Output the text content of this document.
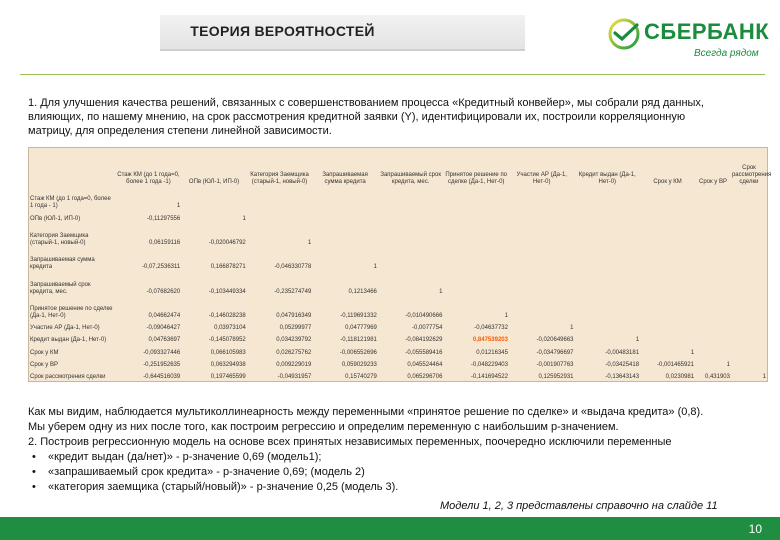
ТЕОРИЯ ВЕРОЯТНОСТЕЙ	СБЕРБАНК
Всегда рядом
1. Для улучшения качества решений, связанных с совершенствованием процесса «Кредитный конвейер», мы собрали ряд данных, влияющих, по нашему мнению, на срок рассмотрения кредитной заявки (Y), идентифицировали их, построили корреляционную матрицу, для определения степени линейной зависимости.
	Стаж КМ (до 1 года=0, более 1 года -1)	ОПв (ЮЛ-1, ИП-0)	Категория Заемщика (старый-1, новый-0)	Запрашиваемая сумма кредита	Запрашиваемый срок кредита, мес.	Принятое решение по сделке (Да-1, Нет-0)	Участие АР (Да-1, Нет-0)	Кредит выдан (Да-1, Нет-0)	Срок у КМ	Срок у ВР	Срок рассмотрения сделки
Стаж КМ (до 1 года=0, более 1 года - 1)	1										
ОПв (ЮЛ-1, ИП-0)	-0,11297556	1									
Категория Заемщика (старый-1, новый-0)	0,06159116	-0,020046792	1								
Запрашиваемая сумма кредита	-0,07,2536311	0,166878271	-0,046330778	1							
Запрашиваемый срок кредита, мес.	-0,07682620	-0,103449334	-0,235274749	0,1213466	1						
Принятое решение по сделке (Да-1, Нет-0)	0,04662474	-0,146028238	0,047916349	-0,119691332	-0,010490666	1					
Участие АР (Да-1, Нет-0)	-0,09046427	0,03973104	0,05299977	0,04777969	-0,0077754	-0,04637732	1				
Кредит выдан (Да-1, Нет-0)	0,04763697	-0,145078952	0,034239792	-0,118121981	-0,084192629	0,847539203	-0,020649663	1			
Срок у КМ	-0,093327446	0,066105983	0,026275762	-0,006552696	-0,055589416	0,01216345	-0,034796697	-0,00483181	1		
Срок у ВР	-0,251952635	0,063294938	0,009229019	0,059029233	0,045524464	-0,048229403	-0,001907763	-0,03425418	-0,001465921	1	
Срок рассмотрения сделки	-0,644516039	0,197465599	-0,04931957	0,15740279	0,065296706	-0,141694522	0,125952931	-0,13643143	0,0230981	0,431903	1

Как мы видим, наблюдается мультиколлинеарность между переменными «принятое решение по сделке» и «выдача кредита» (0,8).

Мы уберем одну из них после того, как построим регрессию и определим переменную с наибольшим p-значением.

2. Построив регрессионную модель на основе всех принятых независимых переменных, поочередно исключили переменные

• «кредит выдан (да/нет)» - p-значение 0,69 (модель1);

• «запрашиваемый срок кредита» - p-значение 0,69; (модель 2)

• «категория заемщика (старый/новый)» - p-значение 0,25 (модель 3).

Модели 1, 2, 3 представлены справочно на слайде 11
10
